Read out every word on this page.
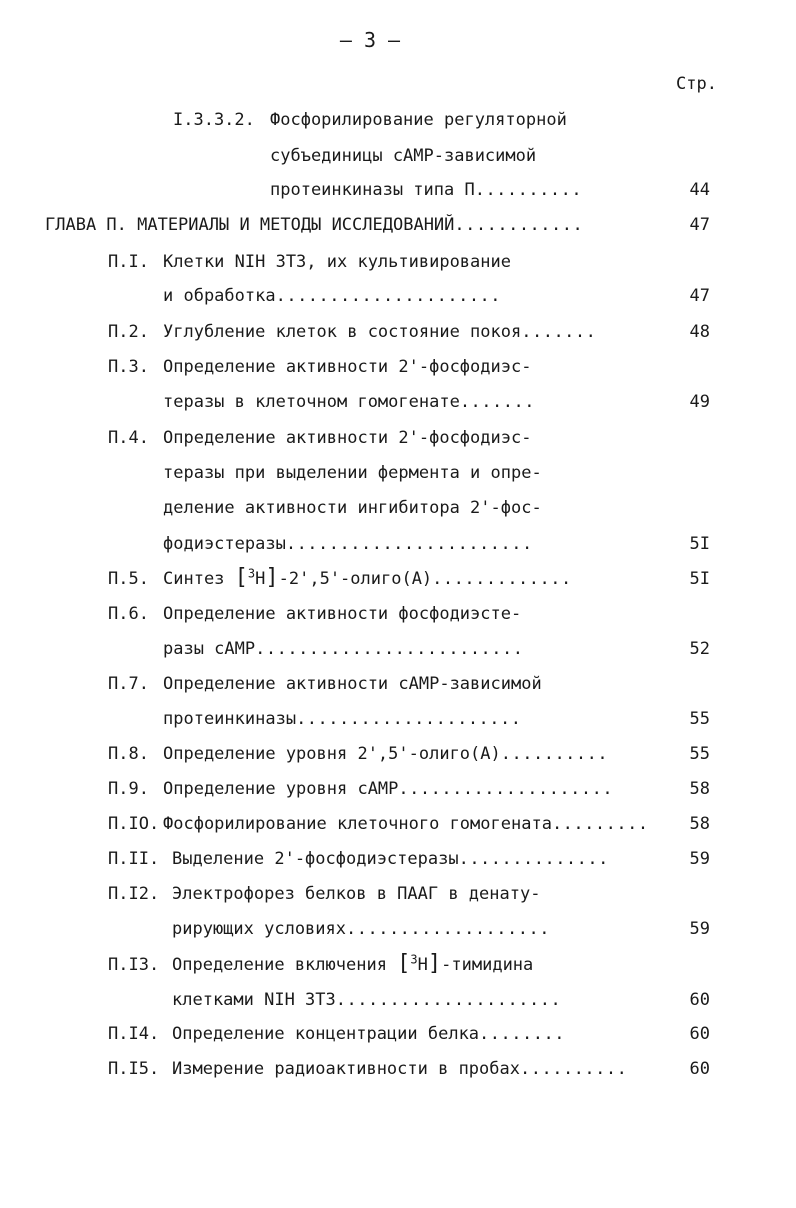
– 3 –
Стр.
I.3.3.2. Фосфорилирование регуляторной
субъединицы сАМР-зависимой
протеинкиназы типа П..........	44
ГЛАВА П. МАТЕРИАЛЫ И МЕТОДЫ ИССЛЕДОВАНИЙ............	47
П.I. Клетки NIH 3T3, их культивирование
и обработка.....................	47
П.2. Углубление клеток в состояние покоя.......	48
П.3. Определение активности 2'-фосфодиэс-
теразы в клеточном гомогенате.......	49
П.4. Определение активности 2'-фосфодиэс-
теразы при выделении фермента и опре-
деление активности ингибитора 2'-фос-
фодиэстеразы.......................	5I
П.5. Синтез [$^3$H]-2',5'-олиго(А).............	5I
П.6. Определение активности фосфодиэсте-
разы сАМР.........................	52
П.7. Определение активности сАМР-зависимой
протеинкиназы.....................	55
П.8. Определение уровня 2',5'-олиго(А)..........	55
П.9. Определение уровня сАМР....................	58
П.IO. Фосфорилирование клеточного гомогената......... 58
П.II. Выделение 2'-фосфодиэстеразы..............	59
П.I2. Электрофорез белков в ПААГ в денату-
рирующих условиях...................	59
П.I3. Определение включения [$^3$H]-тимидина
клетками NIH 3T3.....................	60
П.I4. Определение концентрации белка........	60
П.I5. Измерение радиоактивности в пробах..........	60
